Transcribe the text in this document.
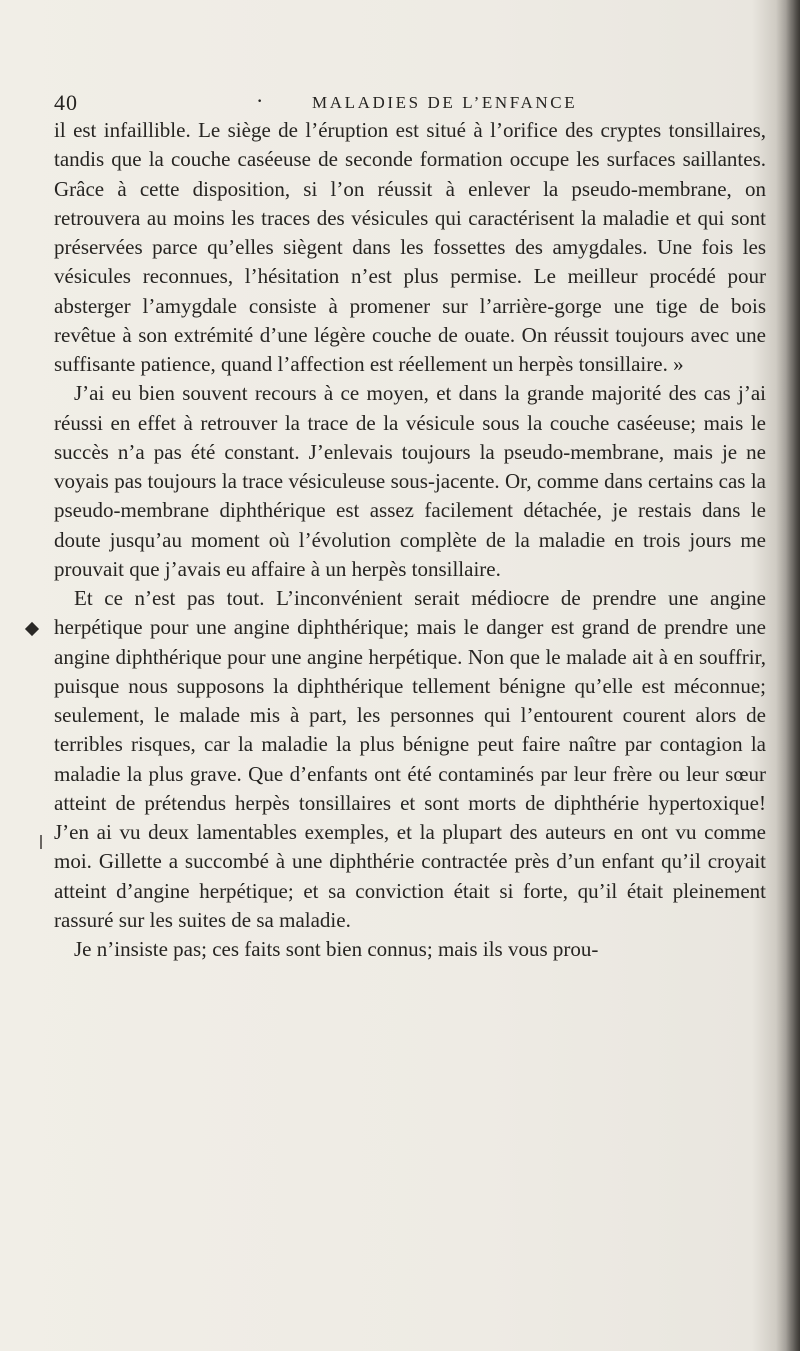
40	·	MALADIES DE L’ENFANCE

il est infaillible. Le siège de l’éruption est situé à l’orifice des cryptes tonsillaires, tandis que la couche caséeuse de seconde formation occupe les surfaces saillantes. Grâce à cette disposition, si l’on réussit à enlever la pseudo-membrane, on retrouvera au moins les traces des vésicules qui caractérisent la maladie et qui sont préservées parce qu’elles siègent dans les fossettes des amygdales. Une fois les vésicules reconnues, l’hésitation n’est plus permise. Le meilleur procédé pour absterger l’amygdale consiste à promener sur l’arrière-gorge une tige de bois revêtue à son extrémité d’une légère couche de ouate. On réussit toujours avec une suffisante patience, quand l’affection est réellement un herpès tonsillaire. »

J’ai eu bien souvent recours à ce moyen, et dans la grande majorité des cas j’ai réussi en effet à retrouver la trace de la vésicule sous la couche caséeuse; mais le succès n’a pas été constant. J’enlevais toujours la pseudo-membrane, mais je ne voyais pas toujours la trace vésiculeuse sous-jacente. Or, comme dans certains cas la pseudo-membrane diphthérique est assez facilement détachée, je restais dans le doute jusqu’au moment où l’évolution complète de la maladie en trois jours me prouvait que j’avais eu affaire à un herpès tonsillaire.

Et ce n’est pas tout. L’inconvénient serait médiocre de prendre une angine herpétique pour une angine diphthérique; mais le danger est grand de prendre une angine diphthérique pour une angine herpétique. Non que le malade ait à en souffrir, puisque nous supposons la diphthérique tellement bénigne qu’elle est méconnue; seulement, le malade mis à part, les personnes qui l’entourent courent alors de terribles risques, car la maladie la plus bénigne peut faire naître par contagion la maladie la plus grave. Que d’enfants ont été contaminés par leur frère ou leur sœur atteint de prétendus herpès tonsillaires et sont morts de diphthérie hypertoxique! J’en ai vu deux lamentables exemples, et la plupart des auteurs en ont vu comme moi. Gillette a succombé à une diphthérie contractée près d’un enfant qu’il croyait atteint d’angine herpétique; et sa conviction était si forte, qu’il était pleinement rassuré sur les suites de sa maladie.

Je n’insiste pas; ces faits sont bien connus; mais ils vous prou-
